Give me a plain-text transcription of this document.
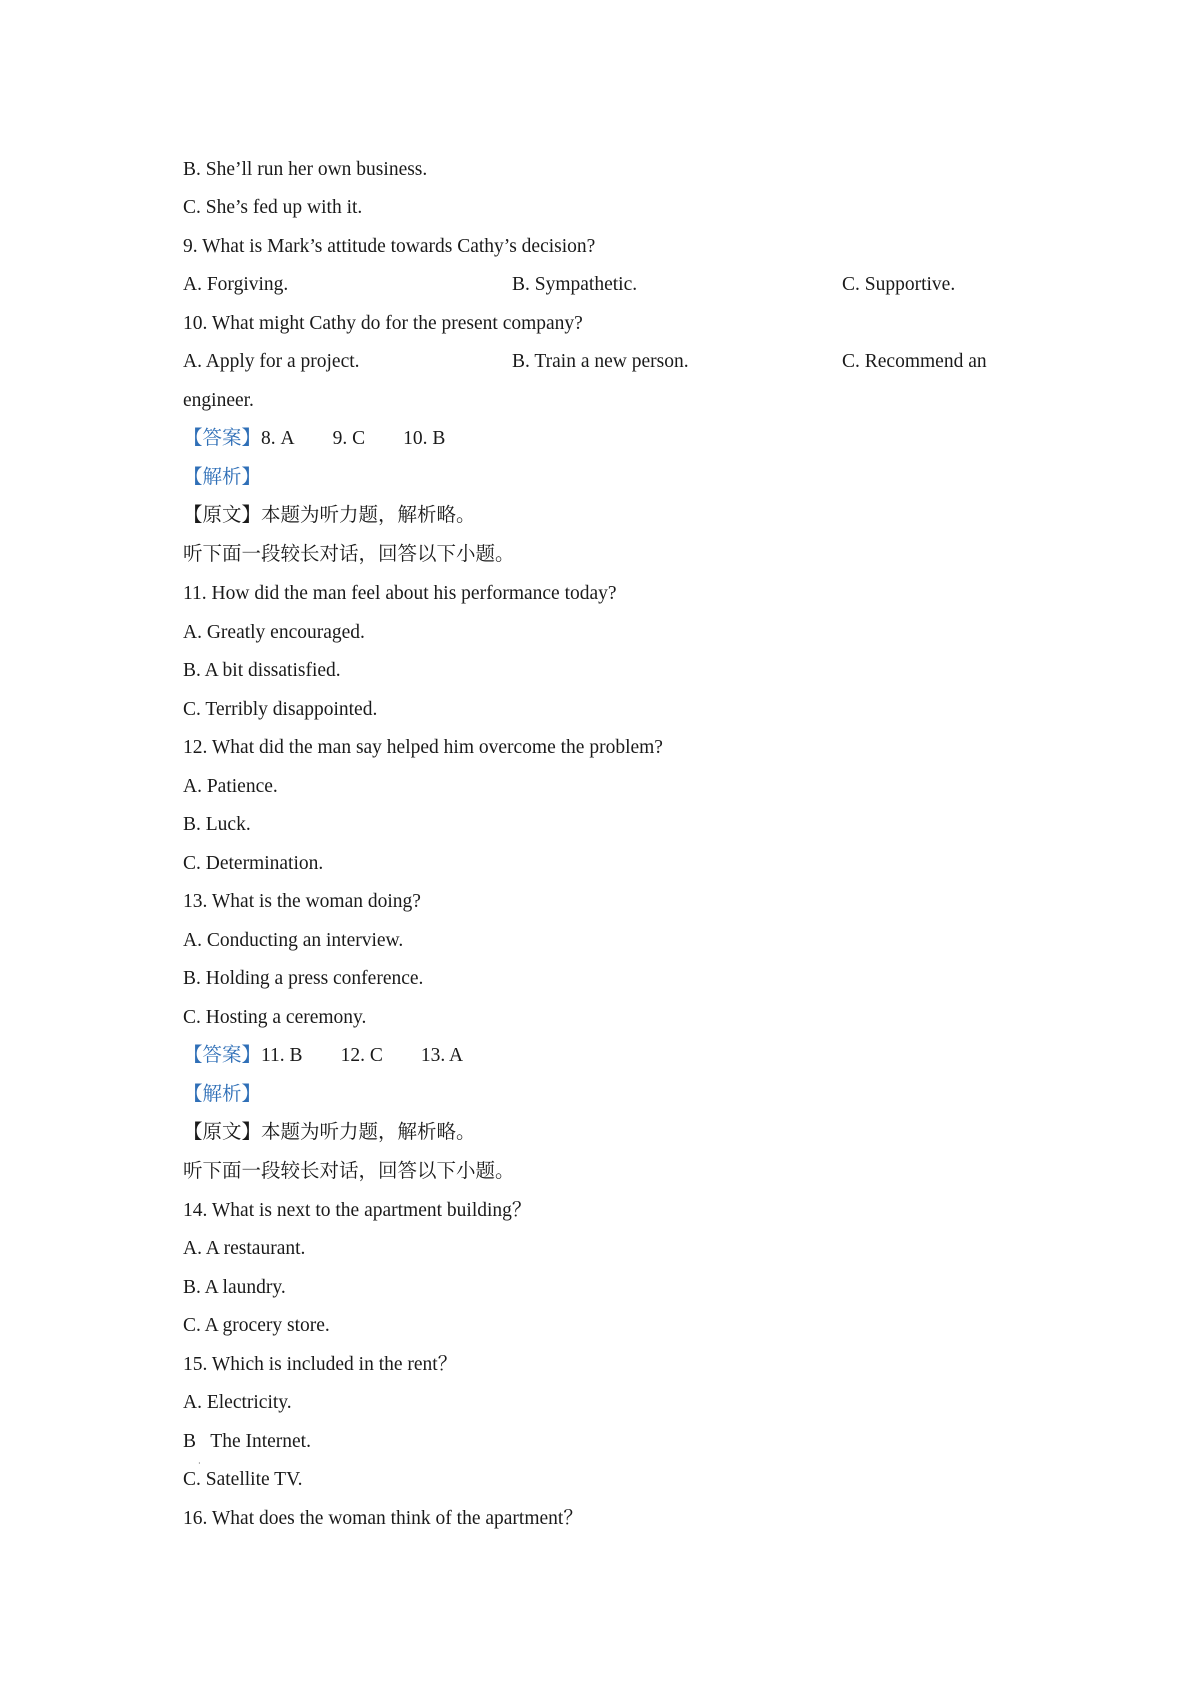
B. She’ll run her own business.
C. She’s fed up with it.
9. What is Mark’s attitude towards Cathy’s decision?
A. Forgiving.	B. Sympathetic.	C. Supportive.
10. What might Cathy do for the present company?
A. Apply for a project.	B. Train a new person.	C. Recommend an
engineer.
【答案】8. A 9. C 10. B
【解析】
【原文】本题为听力题，解析略。
听下面一段较长对话，回答以下小题。
11. How did the man feel about his performance today?
A. Greatly encouraged.
B. A bit dissatisfied.
C. Terribly disappointed.
12. What did the man say helped him overcome the problem?
A. Patience.
B. Luck.
C. Determination.
13. What is the woman doing?
A. Conducting an interview.
B. Holding a press conference.
C. Hosting a ceremony.
【答案】11. B 12. C 13. A
【解析】
【原文】本题为听力题，解析略。
听下面一段较长对话，回答以下小题。
14. What is next to the apartment building？
A. A restaurant.
B. A laundry.
C. A grocery store.
15. Which is included in the rent？
A. Electricity.
B   The Internet.
·
C. Satellite TV.
16. What does the woman think of the apartment？
